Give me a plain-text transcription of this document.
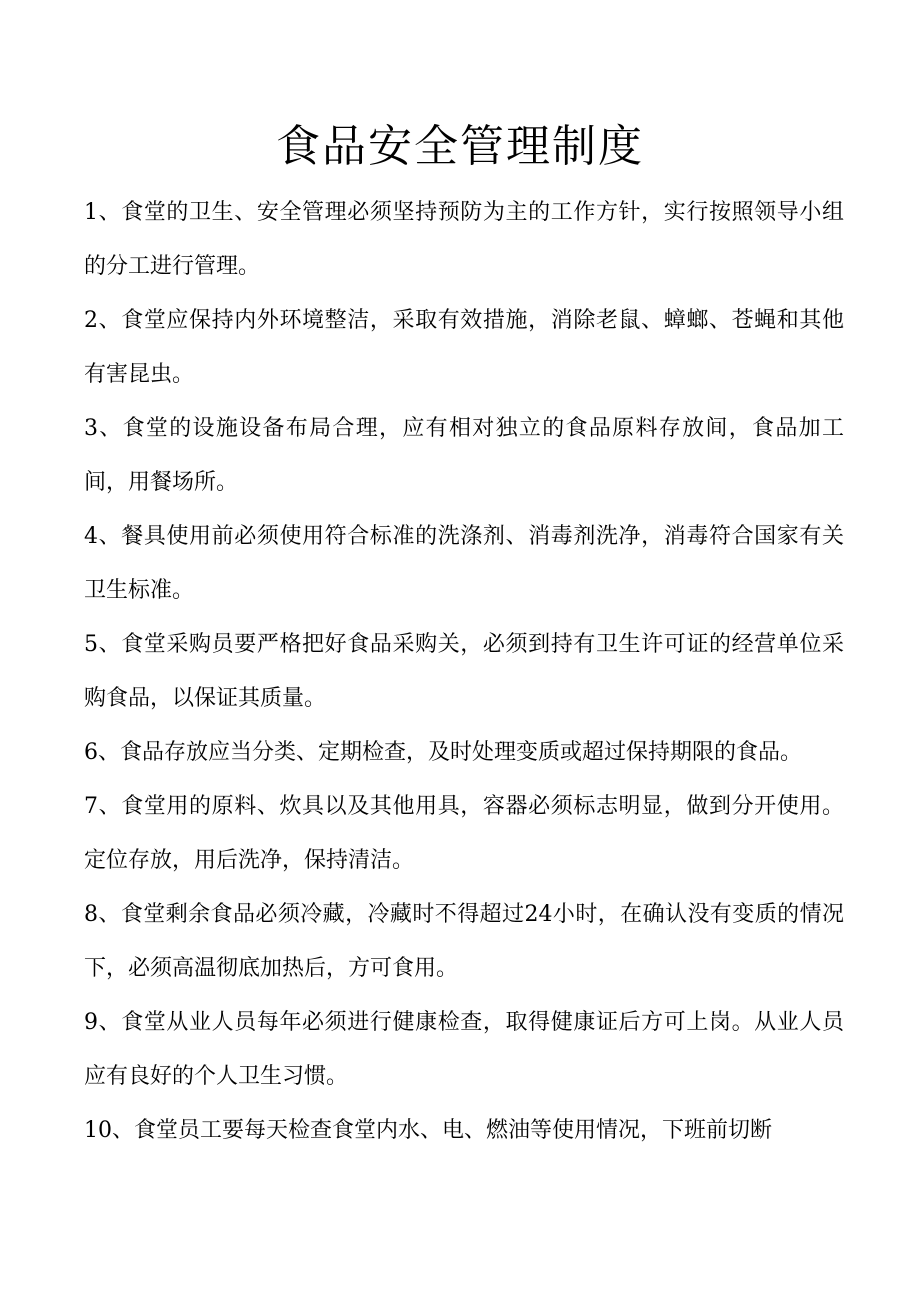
食品安全管理制度

1、食堂的卫生、安全管理必须坚持预防为主的工作方针，实行按照领导小组的分工进行管理。

2、食堂应保持内外环境整洁，采取有效措施，消除老鼠、蟑螂、苍蝇和其他有害昆虫。

3、食堂的设施设备布局合理，应有相对独立的食品原料存放间，食品加工间，用餐场所。

4、餐具使用前必须使用符合标准的洗涤剂、消毒剂洗净，消毒符合国家有关卫生标准。

5、食堂采购员要严格把好食品采购关，必须到持有卫生许可证的经营单位采购食品，以保证其质量。

6、食品存放应当分类、定期检查，及时处理变质或超过保持期限的食品。

7、食堂用的原料、炊具以及其他用具，容器必须标志明显，做到分开使用。定位存放，用后洗净，保持清洁。

8、食堂剩余食品必须冷藏，冷藏时不得超过24小时，在确认没有变质的情况下，必须高温彻底加热后，方可食用。

9、食堂从业人员每年必须进行健康检查，取得健康证后方可上岗。从业人员应有良好的个人卫生习惯。

10、食堂员工要每天检查食堂内水、电、燃油等使用情况，下班前切断
